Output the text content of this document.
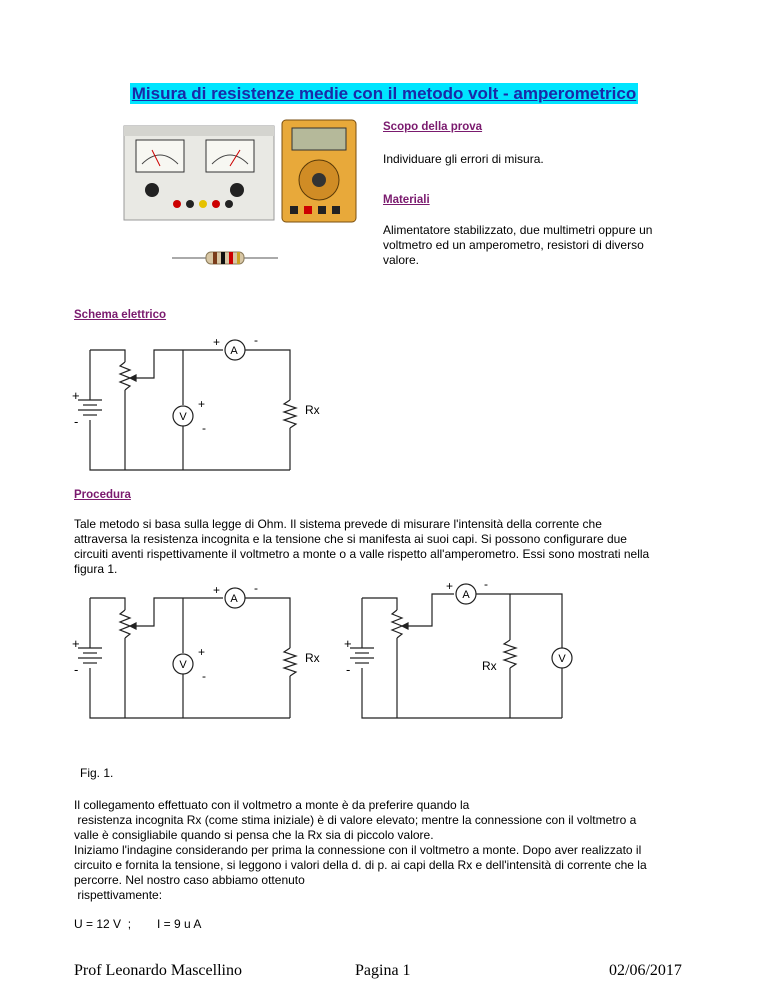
Misura di resistenze medie con il metodo volt - amperometrico
Scopo della prova
Individuare gli errori di misura.
Materiali
Alimentatore stabilizzato, due multimetri oppure un
voltmetro ed un amperometro, resistori di diverso
valore.
Schema elettrico
A
V	Rx
+
-
+	-
+
-
Procedura
Tale metodo si basa sulla legge di Ohm. Il sistema prevede di misurare l'intensità della corrente che
attraversa la resistenza incognita e la tensione che si manifesta ai suoi capi. Si possono configurare due
circuiti aventi rispettivamente il voltmetro a monte o a valle rispetto all'amperometro. Essi sono mostrati nella
figura 1.
A
V	Rx
+
-
+	-
+
-
A
V
Rx
+
-
+	-
Fig. 1.
Il collegamento effettuato con il voltmetro a monte è da preferire quando la
resistenza incognita Rx (come stima iniziale) è di valore elevato; mentre la connessione con il voltmetro a
valle è consigliabile quando si pensa che la Rx sia di piccolo valore.
Iniziamo l'indagine considerando per prima la connessione con il voltmetro a monte. Dopo aver realizzato il
circuito e fornita la tensione, si leggono i valori della d. di p. ai capi della Rx e dell'intensità di corrente che la
percorre. Nel nostro caso abbiamo ottenuto
rispettivamente:
U = 12 V  ; I = 9 u A
Prof Leonardo Mascellino	Pagina 1	02/06/2017
